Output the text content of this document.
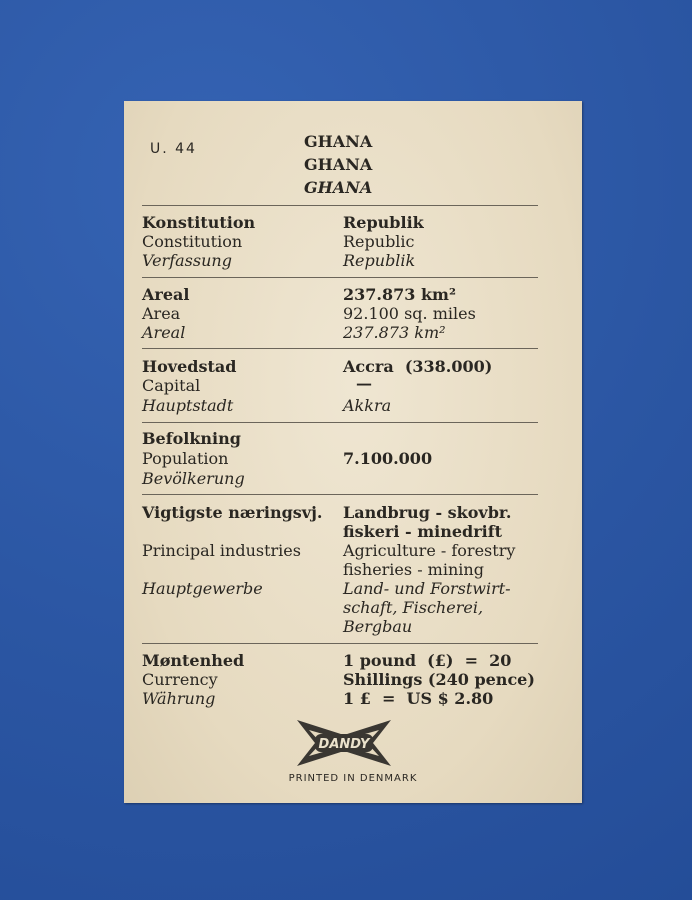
U. 44	GHANA
GHANA
GHANA
Konstitution
Constitution
Verfassung
Republik
Republic
Republik
Areal
Area
Areal
237.873 km²
92.100 sq. miles
237.873 km²
Hovedstad
Capital
Hauptstadt
Accra  (338.000)
—
Akkra
Befolkning
Population
Bevölkerung
7.100.000
Vigtigste næringsvj.
Principal industries
Hauptgewerbe
Landbrug - skovbr.
fiskeri - minedrift
Agriculture - forestry
fisheries - mining
Land- und Forstwirt-
schaft, Fischerei,
Bergbau
Møntenhed
Currency
Währung
1 pound  (£)  =  20
Shillings (240 pence)
1 £  =  US $ 2.80
DANDY
PRINTED IN DENMARK
